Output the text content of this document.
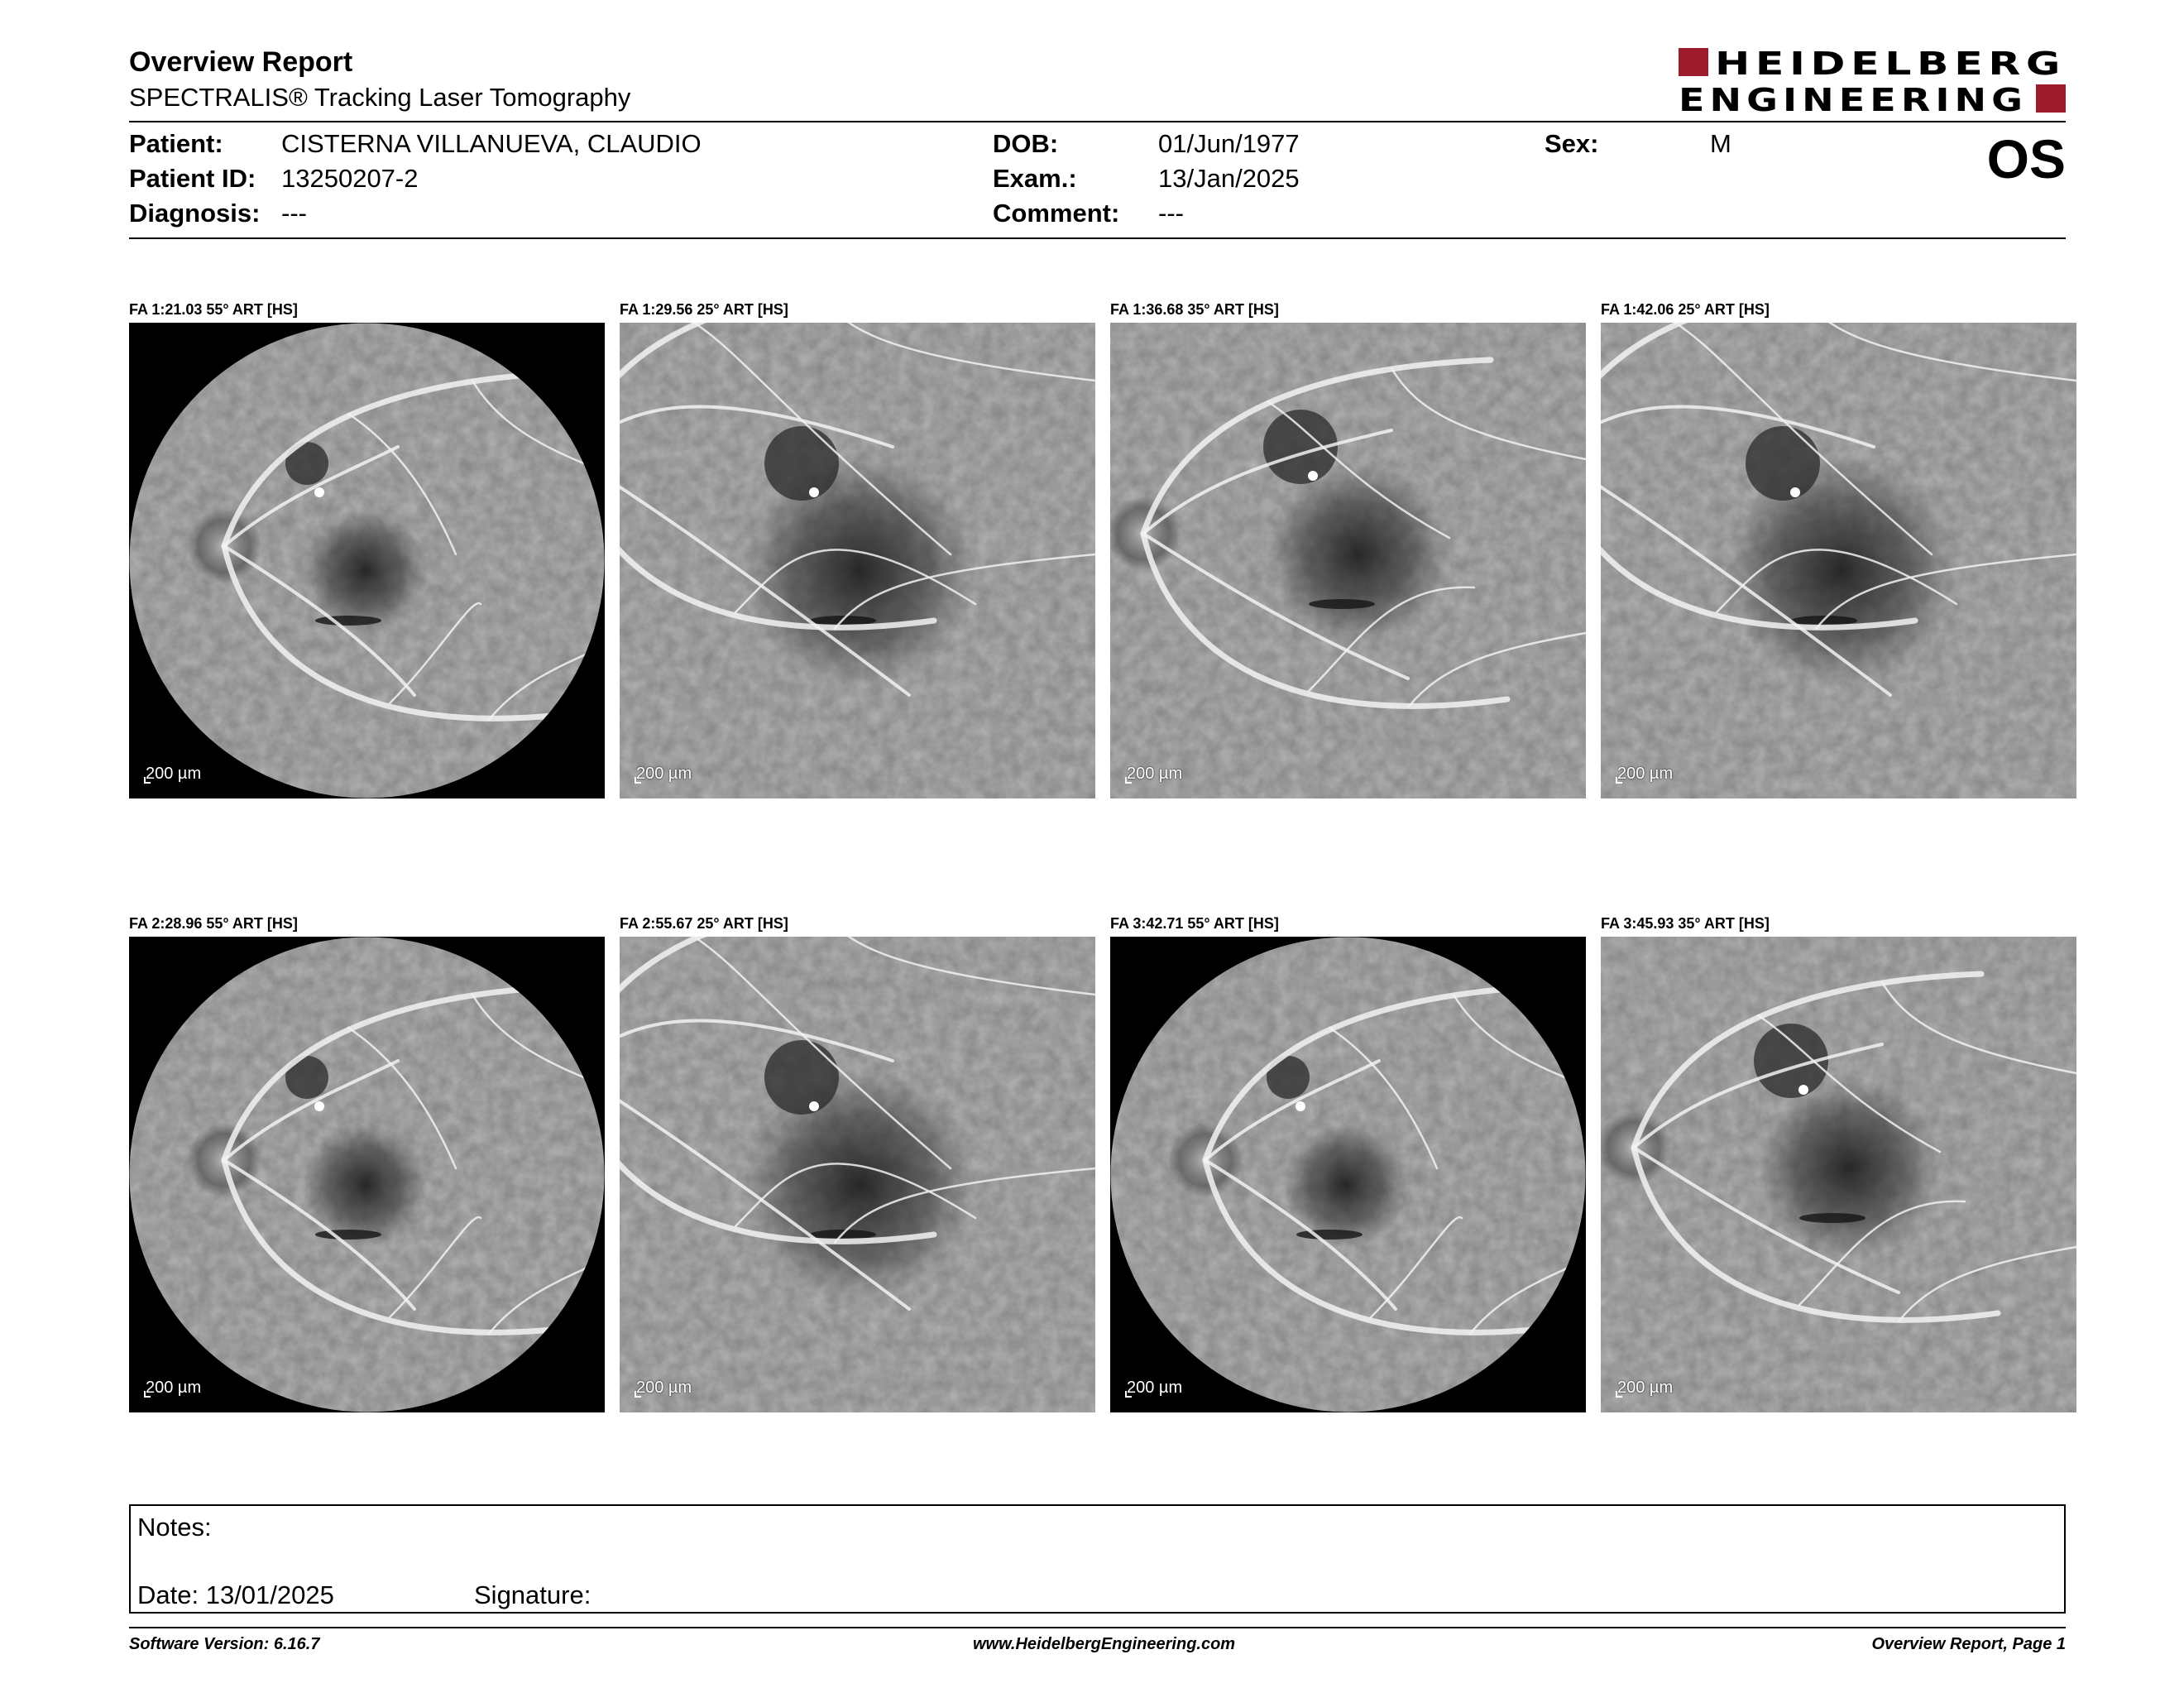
Overview Report
SPECTRALIS® Tracking Laser Tomography
HEIDELBERG
ENGINEERING
Patient: CISTERNA VILLANUEVA, CLAUDIO
Patient ID: 13250207-2
Diagnosis: ---
DOB:	01/Jun/1977
Exam.:	13/Jan/2025
Comment: ---
Sex:	M	OS
FA 1:21.03 55° ART [HS]
200 µm
FA 1:29.56 25° ART [HS]
200 µm
FA 1:36.68 35° ART [HS]
200 µm
FA 1:42.06 25° ART [HS]
200 µm
FA 2:28.96 55° ART [HS]
200 µm
FA 2:55.67 25° ART [HS]
200 µm
FA 3:42.71 55° ART [HS]
200 µm
FA 3:45.93 35° ART [HS]
200 µm
Notes:
Date: 13/01/2025	Signature:
Software Version: 6.16.7	www.HeidelbergEngineering.com	Overview Report, Page 1
